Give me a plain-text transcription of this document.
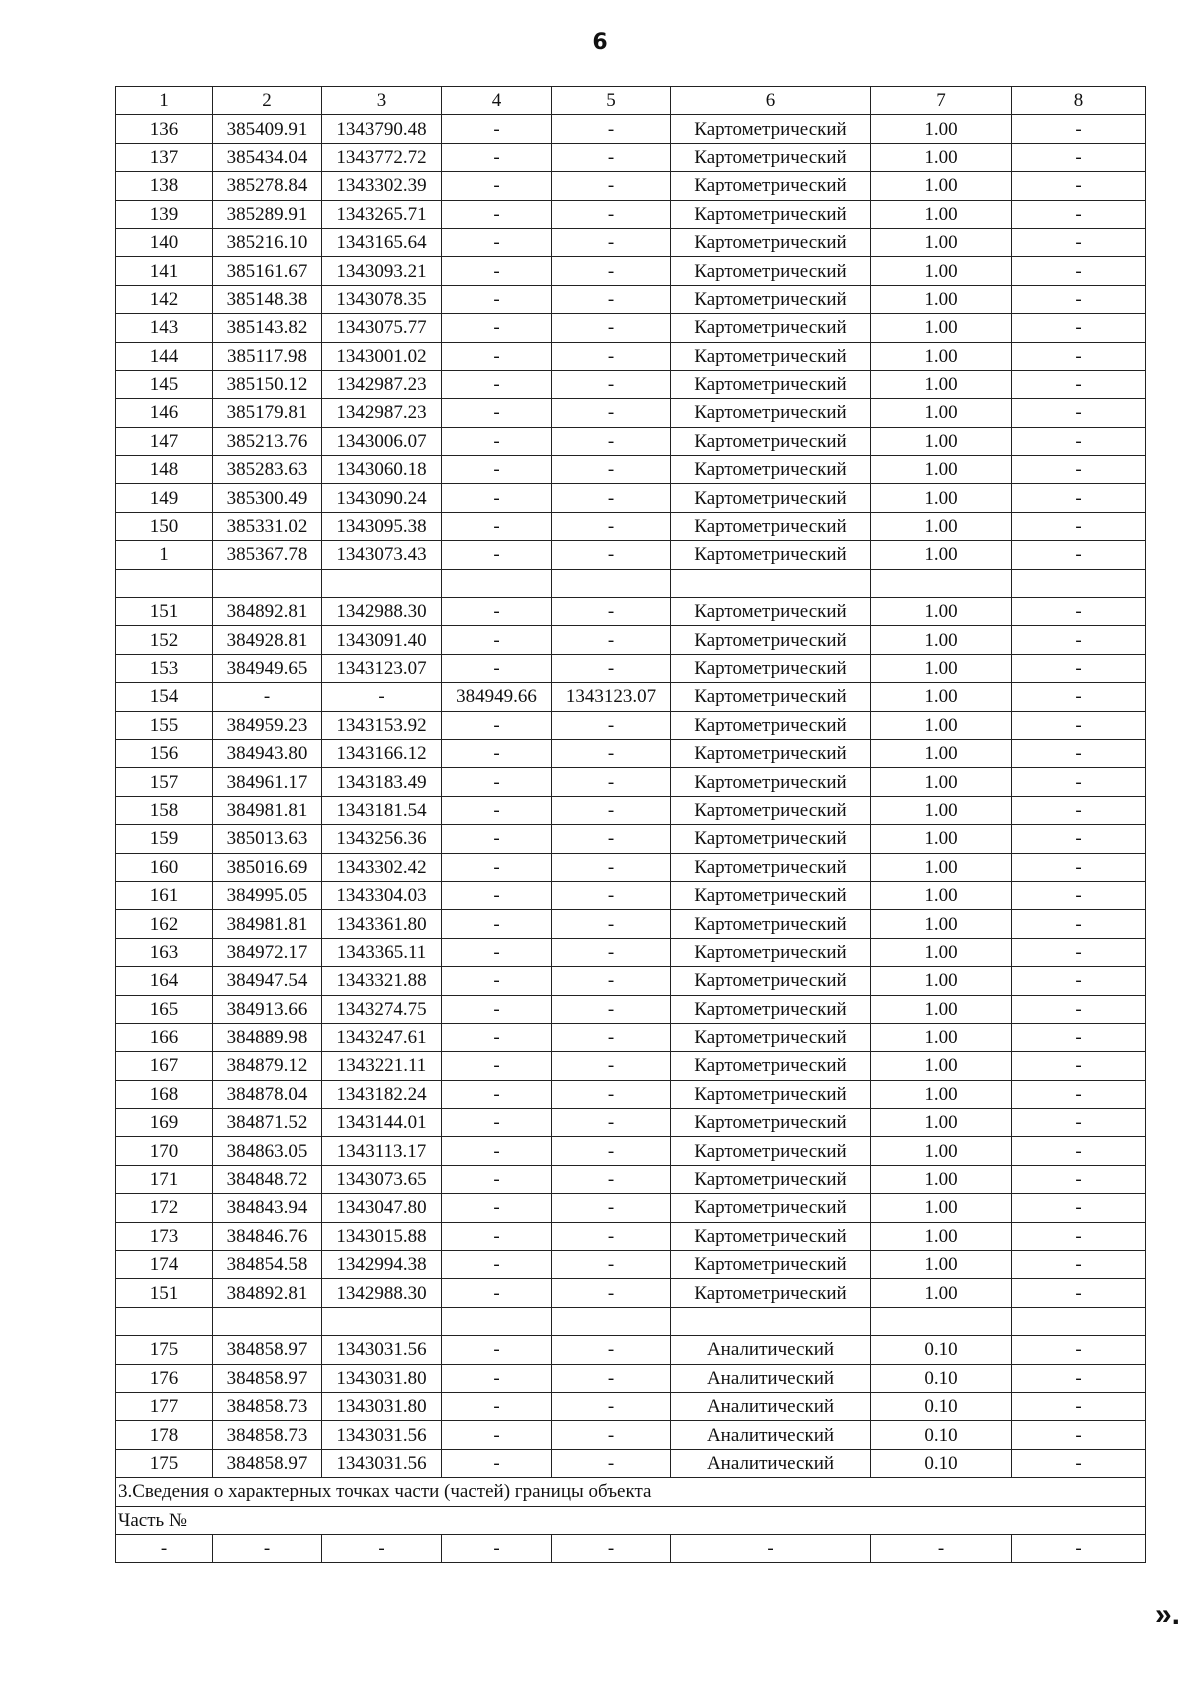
6
1	2	3	4	5	6	7	8
136	385409.91	1343790.48	-	-	Картометрический	1.00	-
137	385434.04	1343772.72	-	-	Картометрический	1.00	-
138	385278.84	1343302.39	-	-	Картометрический	1.00	-
139	385289.91	1343265.71	-	-	Картометрический	1.00	-
140	385216.10	1343165.64	-	-	Картометрический	1.00	-
141	385161.67	1343093.21	-	-	Картометрический	1.00	-
142	385148.38	1343078.35	-	-	Картометрический	1.00	-
143	385143.82	1343075.77	-	-	Картометрический	1.00	-
144	385117.98	1343001.02	-	-	Картометрический	1.00	-
145	385150.12	1342987.23	-	-	Картометрический	1.00	-
146	385179.81	1342987.23	-	-	Картометрический	1.00	-
147	385213.76	1343006.07	-	-	Картометрический	1.00	-
148	385283.63	1343060.18	-	-	Картометрический	1.00	-
149	385300.49	1343090.24	-	-	Картометрический	1.00	-
150	385331.02	1343095.38	-	-	Картометрический	1.00	-
1	385367.78	1343073.43	-	-	Картометрический	1.00	-

151	384892.81	1342988.30	-	-	Картометрический	1.00	-
152	384928.81	1343091.40	-	-	Картометрический	1.00	-
153	384949.65	1343123.07	-	-	Картометрический	1.00	-
154	-	-	384949.66	1343123.07	Картометрический	1.00	-
155	384959.23	1343153.92	-	-	Картометрический	1.00	-
156	384943.80	1343166.12	-	-	Картометрический	1.00	-
157	384961.17	1343183.49	-	-	Картометрический	1.00	-
158	384981.81	1343181.54	-	-	Картометрический	1.00	-
159	385013.63	1343256.36	-	-	Картометрический	1.00	-
160	385016.69	1343302.42	-	-	Картометрический	1.00	-
161	384995.05	1343304.03	-	-	Картометрический	1.00	-
162	384981.81	1343361.80	-	-	Картометрический	1.00	-
163	384972.17	1343365.11	-	-	Картометрический	1.00	-
164	384947.54	1343321.88	-	-	Картометрический	1.00	-
165	384913.66	1343274.75	-	-	Картометрический	1.00	-
166	384889.98	1343247.61	-	-	Картометрический	1.00	-
167	384879.12	1343221.11	-	-	Картометрический	1.00	-
168	384878.04	1343182.24	-	-	Картометрический	1.00	-
169	384871.52	1343144.01	-	-	Картометрический	1.00	-
170	384863.05	1343113.17	-	-	Картометрический	1.00	-
171	384848.72	1343073.65	-	-	Картометрический	1.00	-
172	384843.94	1343047.80	-	-	Картометрический	1.00	-
173	384846.76	1343015.88	-	-	Картометрический	1.00	-
174	384854.58	1342994.38	-	-	Картометрический	1.00	-
151	384892.81	1342988.30	-	-	Картометрический	1.00	-

175	384858.97	1343031.56	-	-	Аналитический	0.10	-
176	384858.97	1343031.80	-	-	Аналитический	0.10	-
177	384858.73	1343031.80	-	-	Аналитический	0.10	-
178	384858.73	1343031.56	-	-	Аналитический	0.10	-
175	384858.97	1343031.56	-	-	Аналитический	0.10	-
3.Сведения о характерных точках части (частей) границы объекта							
Часть №							
-	-	-	-	-	-	-	-
».
